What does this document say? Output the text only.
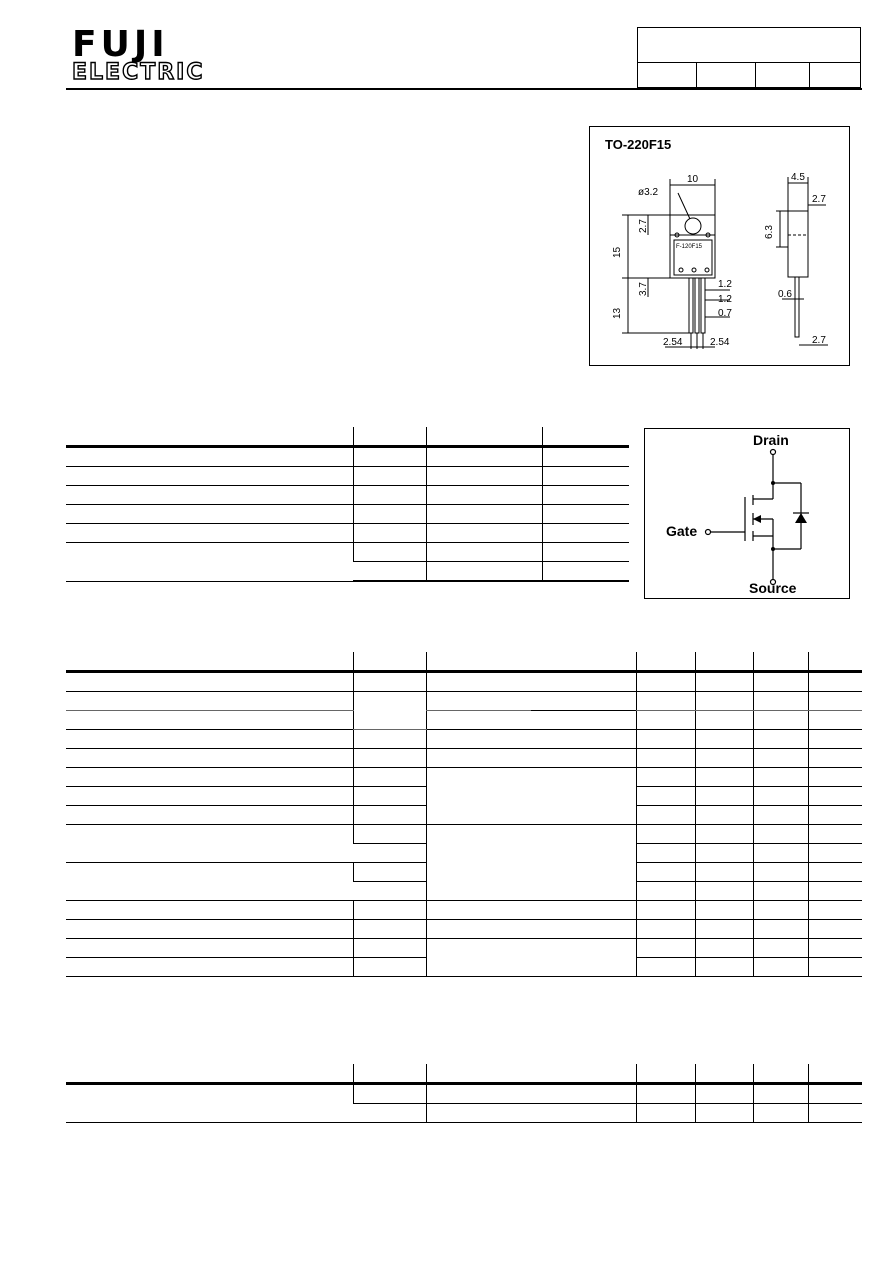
FUJI
ELECTRIC
TO-220F15
ø3.2
10
2.7
15
3.7
13
1.2
1.2
0.7
2.54	2.54
4.5
2.7
6.3
0.6
2.7
F-120F15
Drain
Gate
Source
